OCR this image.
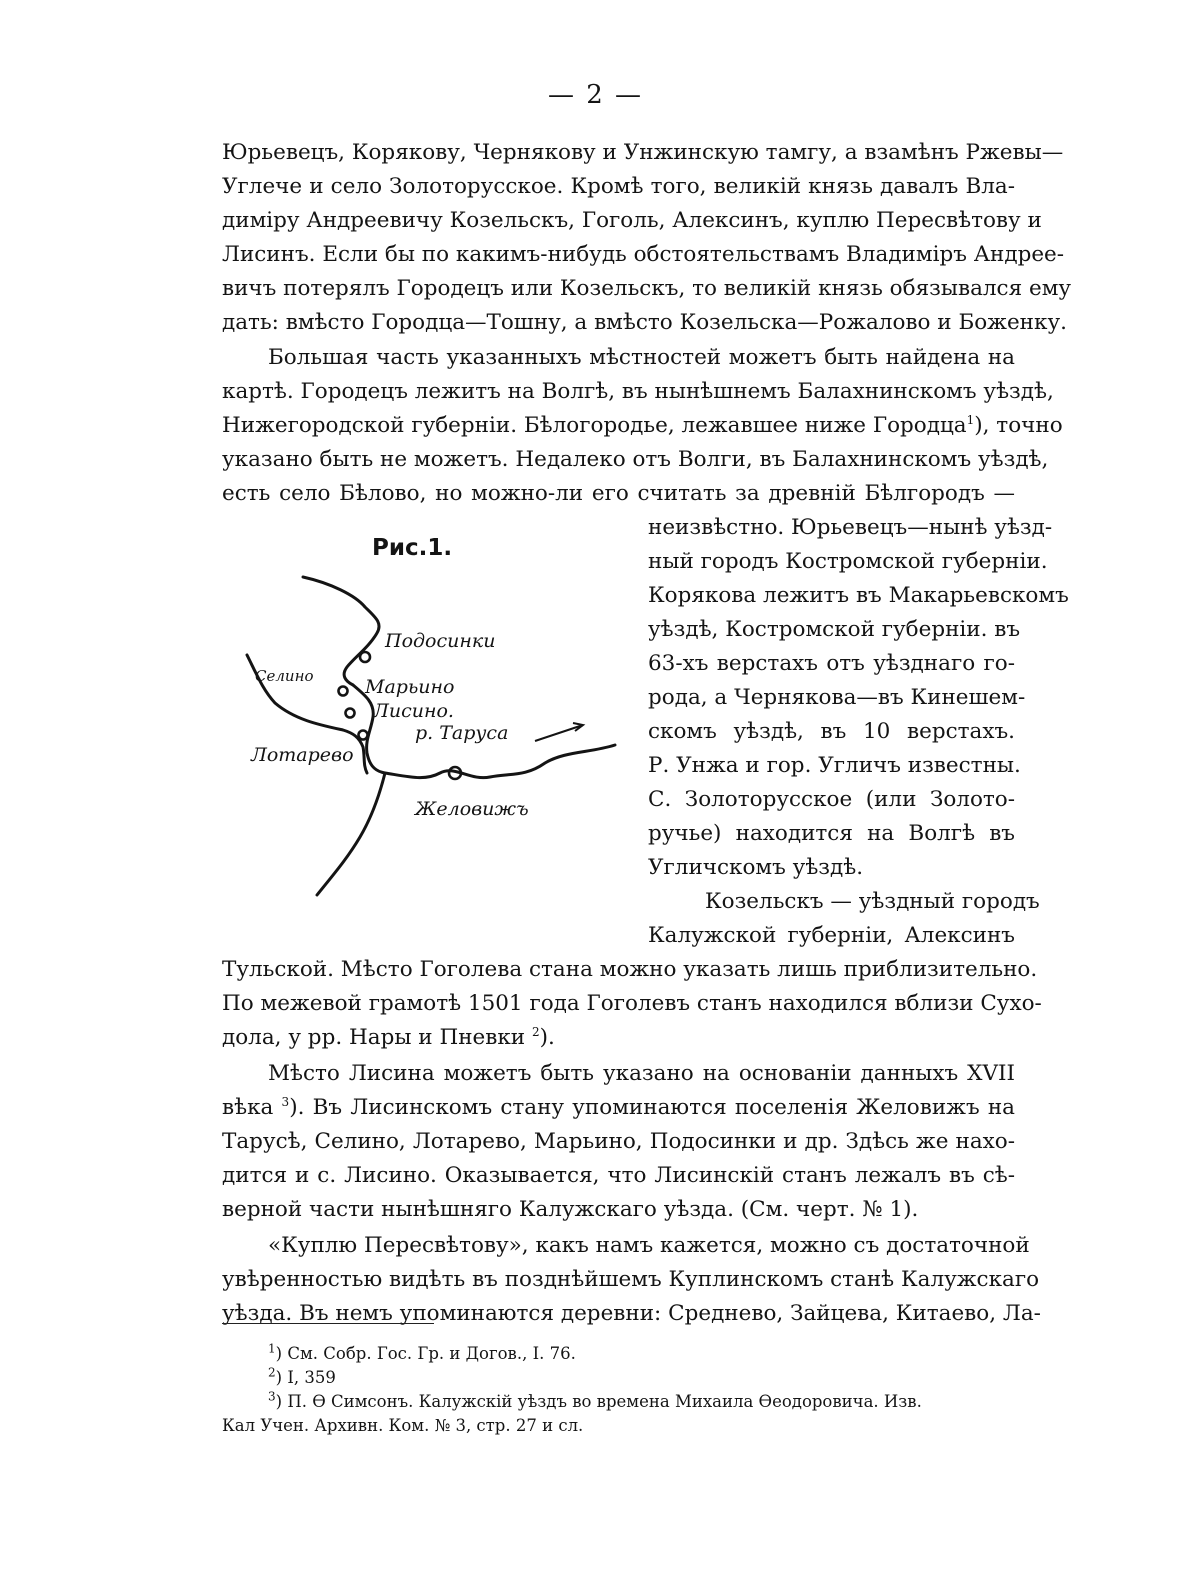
— 2 —
Юрьевецъ, Корякову, Чернякову и Унжинскую тамгу, а взамѣнъ Ржевы—
Углече и село Золоторусское. Кромѣ того, великій князь давалъ Вла-
диміру Андреевичу Козельскъ, Гоголь, Алексинъ, куплю Пересвѣтову и
Лисинъ. Если бы по какимъ-нибудь обстоятельствамъ Владиміръ Андрее-
вичъ потерялъ Городецъ или Козельскъ, то великій князь обязывался ему
дать: вмѣсто Городца—Тошну, а вмѣсто Козельска—Рожалово и Боженку.
Большая часть указанныхъ мѣстностей можетъ быть найдена на
картѣ. Городецъ лежитъ на Волгѣ, въ нынѣшнемъ Балахнинскомъ уѣздѣ,
Нижегородской губерніи. Бѣлогородье, лежавшее ниже Городца$^1$), точно
указано быть не можетъ. Недалеко отъ Волги, въ Балахнинскомъ уѣздѣ,
есть село Бѣлово, но можно-ли его считать за древній Бѣлгородъ —
Рис.1.
Подосинки
Селино	Марьино
Лисино.
р. Таруса
Лотарево
Желовижъ
неизвѣстно. Юрьевецъ—нынѣ уѣзд-
ный городъ Костромской губерніи.
Корякова лежитъ въ Макарьевскомъ
уѣздѣ, Костромской губерніи. въ
63-хъ верстахъ отъ уѣзднаго го-
рода, а Чернякова—въ Кинешем-
скомъ уѣздѣ, въ 10 верстахъ.
Р. Унжа и гор. Угличъ известны.
С. Золоторусское (или Золото-
ручье) находится на Волгѣ въ
Угличскомъ уѣздѣ.
Козельскъ — уѣздный городъ
Калужской губерніи, Алексинъ
Тульской. Мѣсто Гоголева стана можно указать лишь приблизительно.
По межевой грамотѣ 1501 года Гоголевъ станъ находился вблизи Сухо-
дола, у рр. Нары и Пневки $^2$).
Мѣсто Лисина можетъ быть указано на основаніи данныхъ XVII
вѣка $^3$). Въ Лисинскомъ стану упоминаются поселенія Желовижъ на
Тарусѣ, Селино, Лотарево, Марьино, Подосинки и др. Здѣсь же нахо-
дится и с. Лисино. Оказывается, что Лисинскій станъ лежалъ въ сѣ-
верной части нынѣшняго Калужскаго уѣзда. (См. черт. № 1).
«Куплю Пересвѣтову», какъ намъ кажется, можно съ достаточной
увѣренностью видѣть въ позднѣйшемъ Куплинскомъ станѣ Калужскаго
уѣзда. Въ немъ упоминаются деревни: Среднево, Зайцева, Китаево, Ла-
$^1$) См. Собр. Гос. Гр. и Догов., I. 76.
$^2$) I, 359
$^3$) П. Ѳ Симсонъ. Калужскій уѣздъ во времена Михаила Ѳеодоровича. Изв.
Кал Учен. Архивн. Ком. № 3, стр. 27 и сл.
